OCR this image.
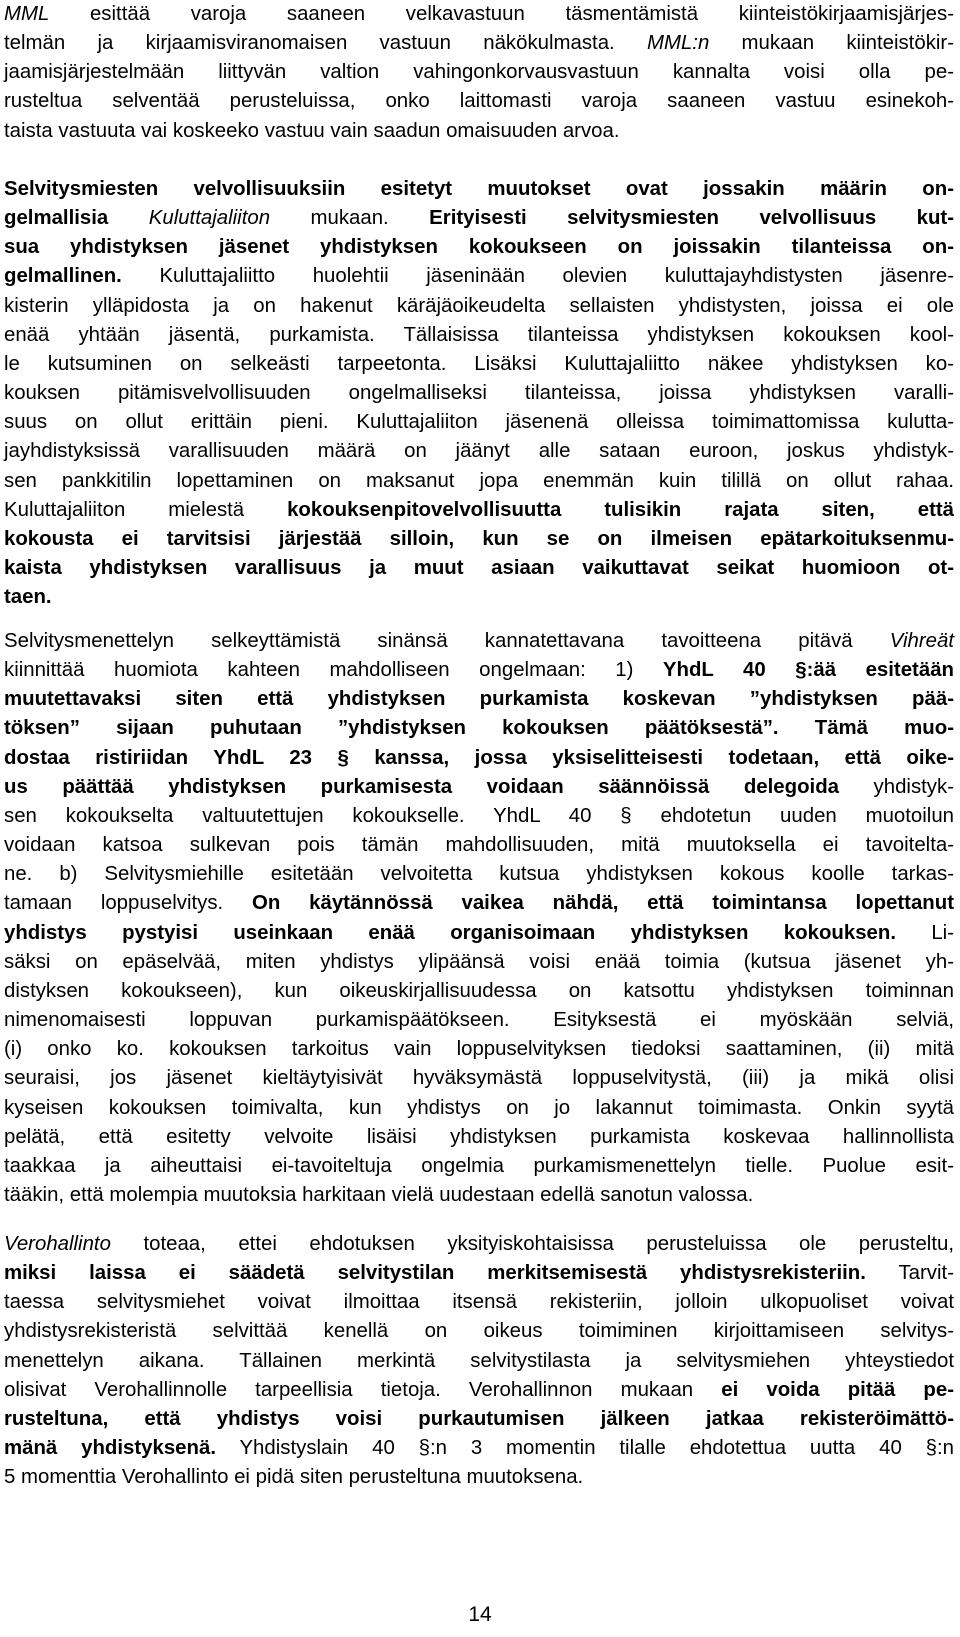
MML esittää varoja saaneen velkavastuun täsmentämistä kiinteistökirjaamisjärjes-
telmän ja kirjaamisviranomaisen vastuun näkökulmasta. MML:n mukaan kiinteistökir-
jaamisjärjestelmään liittyvän valtion vahingonkorvausvastuun kannalta voisi olla pe-
rusteltua selventää perusteluissa, onko laittomasti varoja saaneen vastuu esinekoh-
taista vastuuta vai koskeeko vastuu vain saadun omaisuuden arvoa.
Selvitysmiesten velvollisuuksiin esitetyt muutokset ovat jossakin määrin on-
gelmallisia Kuluttajaliiton mukaan. Erityisesti selvitysmiesten velvollisuus kut-
sua yhdistyksen jäsenet yhdistyksen kokoukseen on joissakin tilanteissa on-
gelmallinen. Kuluttajaliitto huolehtii jäseninään olevien kuluttajayhdistysten jäsenre-
kisterin ylläpidosta ja on hakenut käräjäoikeudelta sellaisten yhdistysten, joissa ei ole
enää yhtään jäsentä, purkamista. Tällaisissa tilanteissa yhdistyksen kokouksen kool-
le kutsuminen on selkeästi tarpeetonta. Lisäksi Kuluttajaliitto näkee yhdistyksen ko-
kouksen pitämisvelvollisuuden ongelmalliseksi tilanteissa, joissa yhdistyksen varalli-
suus on ollut erittäin pieni. Kuluttajaliiton jäsenenä olleissa toimimattomissa kulutta-
jayhdistyksissä varallisuuden määrä on jäänyt alle sataan euroon, joskus yhdistyk-
sen pankkitilin lopettaminen on maksanut jopa enemmän kuin tilillä on ollut rahaa.
Kuluttajaliiton mielestä kokouksenpitovelvollisuutta tulisikin rajata siten, että
kokousta ei tarvitsisi järjestää silloin, kun se on ilmeisen epätarkoituksenmu-
kaista yhdistyksen varallisuus ja muut asiaan vaikuttavat seikat huomioon ot-
taen.
Selvitysmenettelyn selkeyttämistä sinänsä kannatettavana tavoitteena pitävä Vihreät
kiinnittää huomiota kahteen mahdolliseen ongelmaan: 1) YhdL 40 §:ää esitetään
muutettavaksi siten että yhdistyksen purkamista koskevan ”yhdistyksen pää-
töksen” sijaan puhutaan ”yhdistyksen kokouksen päätöksestä”. Tämä muo-
dostaa ristiriidan YhdL 23 § kanssa, jossa yksiselitteisesti todetaan, että oike-
us päättää yhdistyksen purkamisesta voidaan säännöissä delegoida yhdistyk-
sen kokoukselta valtuutettujen kokoukselle. YhdL 40 § ehdotetun uuden muotoilun
voidaan katsoa sulkevan pois tämän mahdollisuuden, mitä muutoksella ei tavoiteltа-
ne. b) Selvitysmiehille esitetään velvoitetta kutsua yhdistyksen kokous koolle tarkas-
tamaan loppuselvitys. On käytännössä vaikea nähdä, että toimintansa lopettanut
yhdistys pystyisi useinkaan enää organisoimaan yhdistyksen kokouksen. Li-
säksi on epäselvää, miten yhdistys ylipäänsä voisi enää toimia (kutsua jäsenet yh-
distyksen kokoukseen), kun oikeuskirjallisuudessa on katsottu yhdistyksen toiminnan
nimenomaisesti loppuvan purkamispäätökseen. Esityksestä ei myöskään selviä,
(i) onko ko. kokouksen tarkoitus vain loppuselvityksen tiedoksi saattaminen, (ii) mitä
seuraisi, jos jäsenet kieltäytyisivät hyväksymästä loppuselvitystä, (iii) ja mikä olisi
kyseisen kokouksen toimivalta, kun yhdistys on jo lakannut toimimasta. Onkin syytä
pelätä, että esitetty velvoite lisäisi yhdistyksen purkamista koskevaa hallinnollista
taakkaa ja aiheuttaisi ei-tavoiteltuja ongelmia purkamismenettelyn tielle. Puolue esit-
tääkin, että molempia muutoksia harkitaan vielä uudestaan edellä sanotun valossa.
Verohallinto toteaa, ettei ehdotuksen yksityiskohtaisissa perusteluissa ole perusteltu,
miksi laissa ei säädetä selvitystilan merkitsemisestä yhdistysrekisteriin. Tarvit-
taessa selvitysmiehet voivat ilmoittaa itsensä rekisteriin, jolloin ulkopuoliset voivat
yhdistysrekisteristä selvittää kenellä on oikeus toimiminen kirjoittamiseen selvitys-
menettelyn aikana. Tällainen merkintä selvitystilasta ja selvitysmiehen yhteystiedot
olisivat Verohallinnolle tarpeellisia tietoja. Verohallinnon mukaan ei voida pitää pe-
rusteltuna, että yhdistys voisi purkautumisen jälkeen jatkaa rekisteröimättö-
mänä yhdistyksenä. Yhdistyslain 40 §:n 3 momentin tilalle ehdotettua uutta 40 §:n
5 momenttia Verohallinto ei pidä siten perusteltuna muutoksena.
14
